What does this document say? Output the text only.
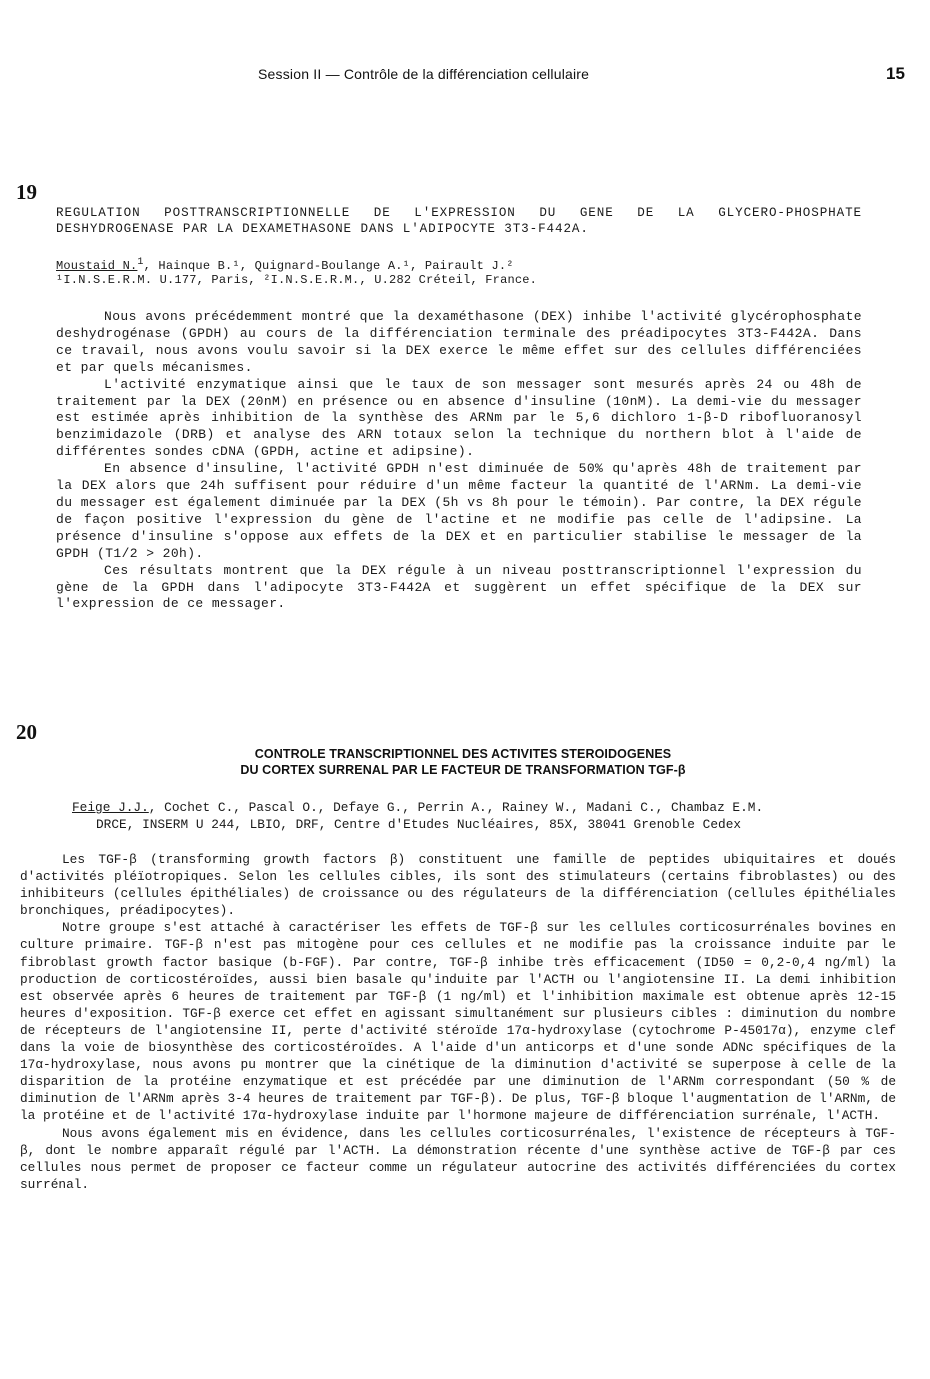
Session II — Contrôle de la différenciation cellulaire	15
19
REGULATION POSTTRANSCRIPTIONNELLE DE L'EXPRESSION DU GENE DE LA GLYCERO-PHOSPHATE DESHYDROGENASE PAR LA DEXAMETHASONE DANS L'ADIPOCYTE 3T3-F442A.
Moustaid N.$^1$, Hainque B.¹, Quignard-Boulange A.¹, Pairault J.²
¹I.N.S.E.R.M. U.177, Paris, ²I.N.S.E.R.M., U.282 Créteil, France.

Nous avons précédemment montré que la dexaméthasone (DEX) inhibe l'activité glycérophosphate deshydrogénase (GPDH) au cours de la différenciation terminale des préadipocytes 3T3-F442A. Dans ce travail, nous avons voulu savoir si la DEX exerce le même effet sur des cellules différenciées et par quels mécanismes.

L'activité enzymatique ainsi que le taux de son messager sont mesurés après 24 ou 48h de traitement par la DEX (20nM) en présence ou en absence d'insuline (10nM). La demi-vie du messager est estimée après inhibition de la synthèse des ARNm par le 5,6 dichloro 1-β-D ribofluoranosyl benzimidazole (DRB) et analyse des ARN totaux selon la technique du northern blot à l'aide de différentes sondes cDNA (GPDH, actine et adipsine).

En absence d'insuline, l'activité GPDH n'est diminuée de 50% qu'après 48h de traitement par la DEX alors que 24h suffisent pour réduire d'un même facteur la quantité de l'ARNm. La demi-vie du messager est également diminuée par la DEX (5h vs 8h pour le témoin). Par contre, la DEX régule de façon positive l'expression du gène de l'actine et ne modifie pas celle de l'adipsine. La présence d'insuline s'oppose aux effets de la DEX et en particulier stabilise le messager de la GPDH (T1/2 > 20h).

Ces résultats montrent que la DEX régule à un niveau posttranscriptionnel l'expression du gène de la GPDH dans l'adipocyte 3T3-F442A et suggèrent un effet spécifique de la DEX sur l'expression de ce messager.

20
CONTROLE TRANSCRIPTIONNEL DES ACTIVITES STEROIDOGENES
DU CORTEX SURRENAL PAR LE FACTEUR DE TRANSFORMATION TGF-β
Feige J.J., Cochet C., Pascal O., Defaye G., Perrin A., Rainey W., Madani C., Chambaz E.M.
DRCE, INSERM U 244, LBIO, DRF, Centre d'Etudes Nucléaires, 85X, 38041 Grenoble Cedex

Les TGF-β (transforming growth factors β) constituent une famille de peptides ubiquitaires et doués d'activités pléïotropiques. Selon les cellules cibles, ils sont des stimulateurs (certains fibroblastes) ou des inhibiteurs (cellules épithéliales) de croissance ou des régulateurs de la différenciation (cellules épithéliales bronchiques, préadipocytes).

Notre groupe s'est attaché à caractériser les effets de TGF-β sur les cellules corticosurrénales bovines en culture primaire. TGF-β n'est pas mitogène pour ces cellules et ne modifie pas la croissance induite par le fibroblast growth factor basique (b-FGF). Par contre, TGF-β inhibe très efficacement (ID50 = 0,2-0,4 ng/ml) la production de corticostéroïdes, aussi bien basale qu'induite par l'ACTH ou l'angiotensine II. La demi inhibition est observée après 6 heures de traitement par TGF-β (1 ng/ml) et l'inhibition maximale est obtenue après 12-15 heures d'exposition. TGF-β exerce cet effet en agissant simultanément sur plusieurs cibles : diminution du nombre de récepteurs de l'angiotensine II, perte d'activité stéroïde 17α-hydroxylase (cytochrome P-45017α), enzyme clef dans la voie de biosynthèse des corticostéroïdes. A l'aide d'un anticorps et d'une sonde ADNc spécifiques de la 17α-hydroxylase, nous avons pu montrer que la cinétique de la diminution d'activité se superpose à celle de la disparition de la protéine enzymatique et est précédée par une diminution de l'ARNm correspondant (50 % de diminution de l'ARNm après 3-4 heures de traitement par TGF-β). De plus, TGF-β bloque l'augmentation de l'ARNm, de la protéine et de l'activité 17α-hydroxylase induite par l'hormone majeure de différenciation surrénale, l'ACTH.

Nous avons également mis en évidence, dans les cellules corticosurrénales, l'existence de récepteurs à TGF-β, dont le nombre apparaît régulé par l'ACTH. La démonstration récente d'une synthèse active de TGF-β par ces cellules nous permet de proposer ce facteur comme un régulateur autocrine des activités différenciées du cortex surrénal.
